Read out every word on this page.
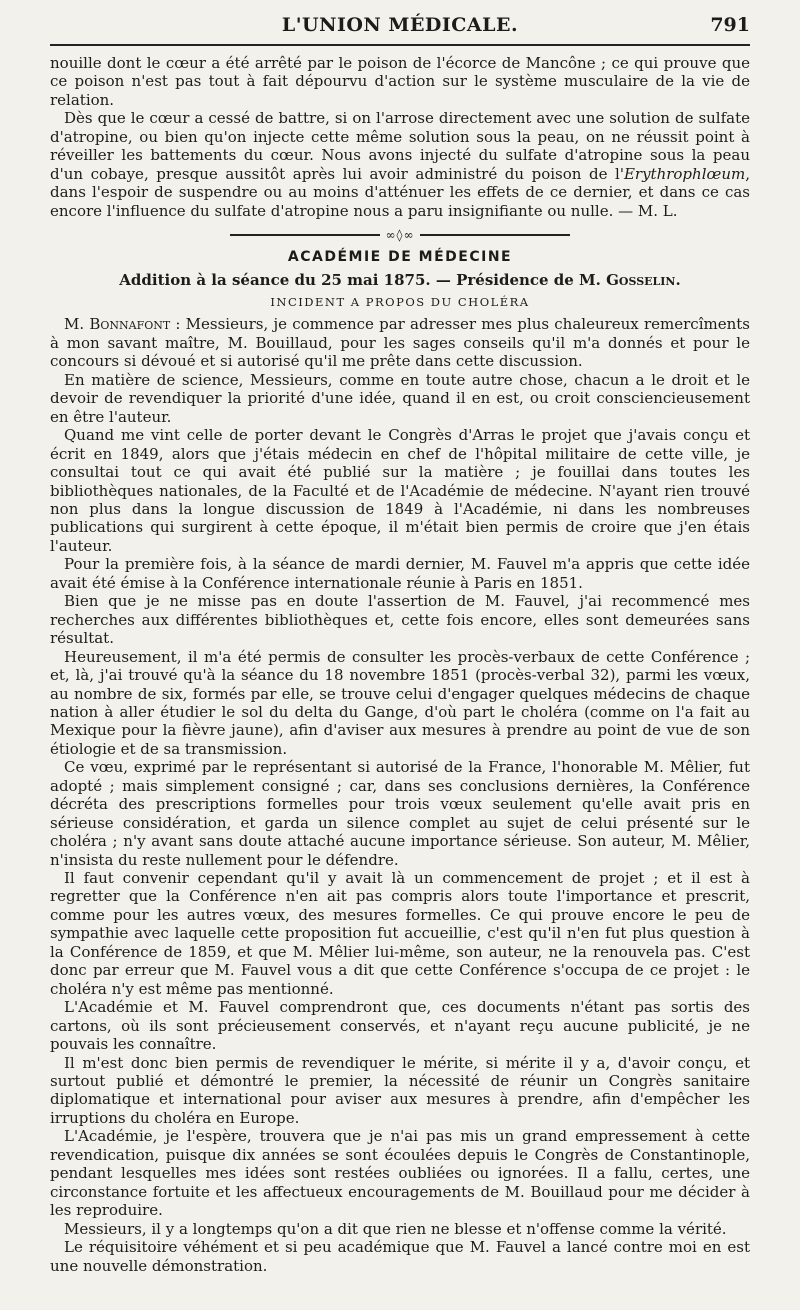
L'UNION MÉDICALE.	791

nouille dont le cœur a été arrêté par le poison de l'écorce de Mancône ; ce qui prouve que ce poison n'est pas tout à fait dépourvu d'action sur le système musculaire de la vie de relation.

Dès que le cœur a cessé de battre, si on l'arrose directement avec une solution de sulfate d'atropine, ou bien qu'on injecte cette même solution sous la peau, on ne réussit point à réveiller les battements du cœur. Nous avons injecté du sulfate d'atropine sous la peau d'un cobaye, presque aussitôt après lui avoir administré du poison de l'Erythrophlœum, dans l'espoir de suspendre ou au moins d'atténuer les effets de ce dernier, et dans ce cas encore l'influence du sulfate d'atropine nous a paru insignifiante ou nulle. — M. L.

∞◊∞
ACADÉMIE DE MÉDECINE
Addition à la séance du 25 mai 1875. — Présidence de M. Gosselin.
INCIDENT A PROPOS DU CHOLÉRA

M. Bonnafont : Messieurs, je commence par adresser mes plus chaleureux remercîments à mon savant maître, M. Bouillaud, pour les sages conseils qu'il m'a donnés et pour le concours si dévoué et si autorisé qu'il me prête dans cette discussion.

En matière de science, Messieurs, comme en toute autre chose, chacun a le droit et le devoir de revendiquer la priorité d'une idée, quand il en est, ou croit consciencieusement en être l'auteur.

Quand me vint celle de porter devant le Congrès d'Arras le projet que j'avais conçu et écrit en 1849, alors que j'étais médecin en chef de l'hôpital militaire de cette ville, je consultai tout ce qui avait été publié sur la matière ; je fouillai dans toutes les bibliothèques nationales, de la Faculté et de l'Académie de médecine. N'ayant rien trouvé non plus dans la longue discussion de 1849 à l'Académie, ni dans les nombreuses publications qui surgirent à cette époque, il m'était bien permis de croire que j'en étais l'auteur.

Pour la première fois, à la séance de mardi dernier, M. Fauvel m'a appris que cette idée avait été émise à la Conférence internationale réunie à Paris en 1851.

Bien que je ne misse pas en doute l'assertion de M. Fauvel, j'ai recommencé mes recherches aux différentes bibliothèques et, cette fois encore, elles sont demeurées sans résultat.

Heureusement, il m'a été permis de consulter les procès-verbaux de cette Conférence ; et, là, j'ai trouvé qu'à la séance du 18 novembre 1851 (procès-verbal 32), parmi les vœux, au nombre de six, formés par elle, se trouve celui d'engager quelques médecins de chaque nation à aller étudier le sol du delta du Gange, d'où part le choléra (comme on l'a fait au Mexique pour la fièvre jaune), afin d'aviser aux mesures à prendre au point de vue de son étiologie et de sa transmission.

Ce vœu, exprimé par le représentant si autorisé de la France, l'honorable M. Mêlier, fut adopté ; mais simplement consigné ; car, dans ses conclusions dernières, la Conférence décréta des prescriptions formelles pour trois vœux seulement qu'elle avait pris en sérieuse considération, et garda un silence complet au sujet de celui présenté sur le choléra ; n'y avant sans doute attaché aucune importance sérieuse. Son auteur, M. Mêlier, n'insista du reste nullement pour le défendre.

Il faut convenir cependant qu'il y avait là un commencement de projet ; et il est à regretter que la Conférence n'en ait pas compris alors toute l'importance et prescrit, comme pour les autres vœux, des mesures formelles. Ce qui prouve encore le peu de sympathie avec laquelle cette proposition fut accueillie, c'est qu'il n'en fut plus question à la Conférence de 1859, et que M. Mêlier lui-même, son auteur, ne la renouvela pas. C'est donc par erreur que M. Fauvel vous a dit que cette Conférence s'occupa de ce projet : le choléra n'y est même pas mentionné.

L'Académie et M. Fauvel comprendront que, ces documents n'étant pas sortis des cartons, où ils sont précieusement conservés, et n'ayant reçu aucune publicité, je ne pouvais les connaître.

Il m'est donc bien permis de revendiquer le mérite, si mérite il y a, d'avoir conçu, et surtout publié et démontré le premier, la nécessité de réunir un Congrès sanitaire diplomatique et international pour aviser aux mesures à prendre, afin d'empêcher les irruptions du choléra en Europe.

L'Académie, je l'espère, trouvera que je n'ai pas mis un grand empressement à cette revendication, puisque dix années se sont écoulées depuis le Congrès de Constantinople, pendant lesquelles mes idées sont restées oubliées ou ignorées. Il a fallu, certes, une circonstance fortuite et les affectueux encouragements de M. Bouillaud pour me décider à les reproduire.

Messieurs, il y a longtemps qu'on a dit que rien ne blesse et n'offense comme la vérité.

Le réquisitoire véhément et si peu académique que M. Fauvel a lancé contre moi en est une nouvelle démonstration.
